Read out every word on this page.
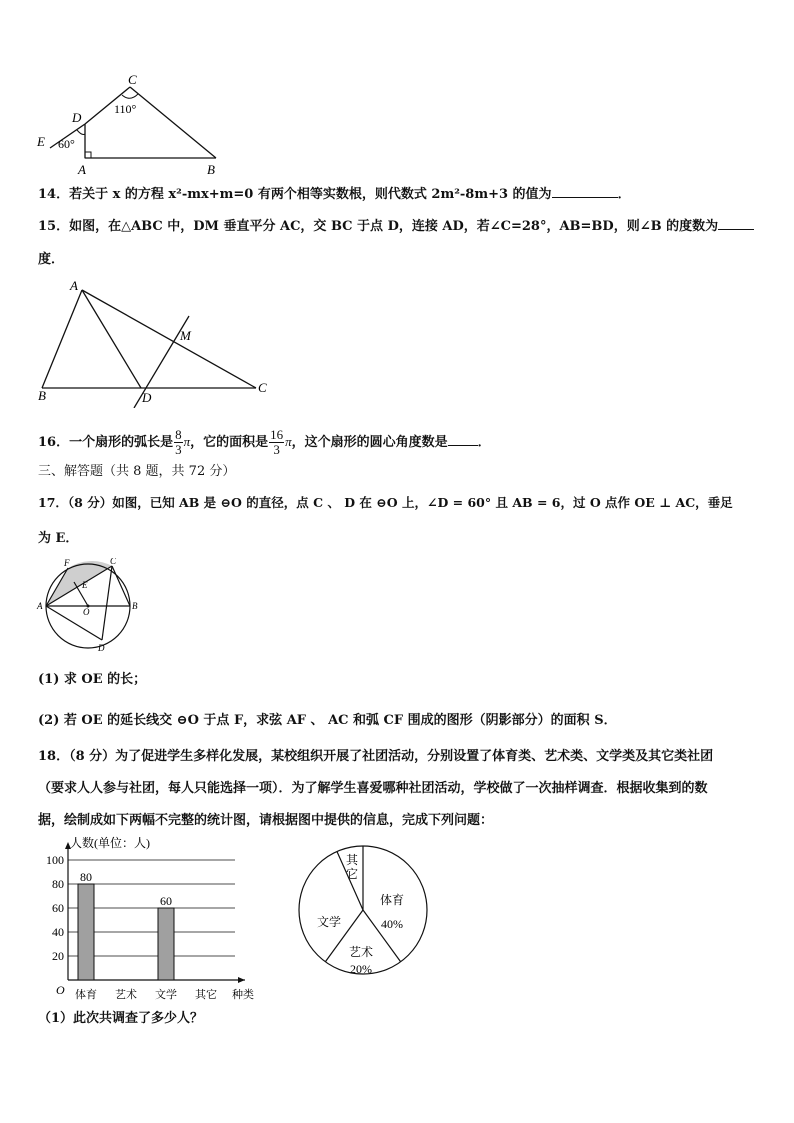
C
110°
D
E 60°
A	B
14．若关于 x 的方程 x²-mx+m=0 有两个相等实数根，则代数式 2m²-8m+3 的值为	．
15．如图，在△ABC 中，DM 垂直平分 AC，交 BC 于点 D，连接 AD，若∠C=28°，AB=BD，则∠B 的度数为
度．
A
M
B	D
C
16．一个扇形的弧长是 $\frac{8}{3}$ π，它的面积是 $\frac{16}{3}$ π，这个扇形的圆心角度数是 ．
三、解答题（共 8 题，共 72 分）
17．（8 分）如图，已知 AB 是 ⊖O 的直径，点 C 、 D 在 ⊖O 上，∠D = 60° 且 AB = 6，过 O 点作 OE ⊥ AC，垂足
为 E．
F	C
E
A
O
B
D
(1) 求 OE 的长；
(2) 若 OE 的延长线交 ⊖O 于点 F，求弦 AF 、 AC 和弧 CF 围成的图形（阴影部分）的面积 S．
18．（8 分）为了促进学生多样化发展，某校组织开展了社团活动，分别设置了体育类、艺术类、文学类及其它类社团
（要求人人参与社团，每人只能选择一项）．为了解学生喜爱哪种社团活动，学校做了一次抽样调查．根据收集到的数
据，绘制成如下两幅不完整的统计图，请根据图中提供的信息，完成下列问题：
人数(单位：人)
种类
O
20
40
60
80
100
80
体育 艺术
60
文学 其它
体育
40%
艺术
20%
文学
其
它
（1）此次共调查了多少人？
